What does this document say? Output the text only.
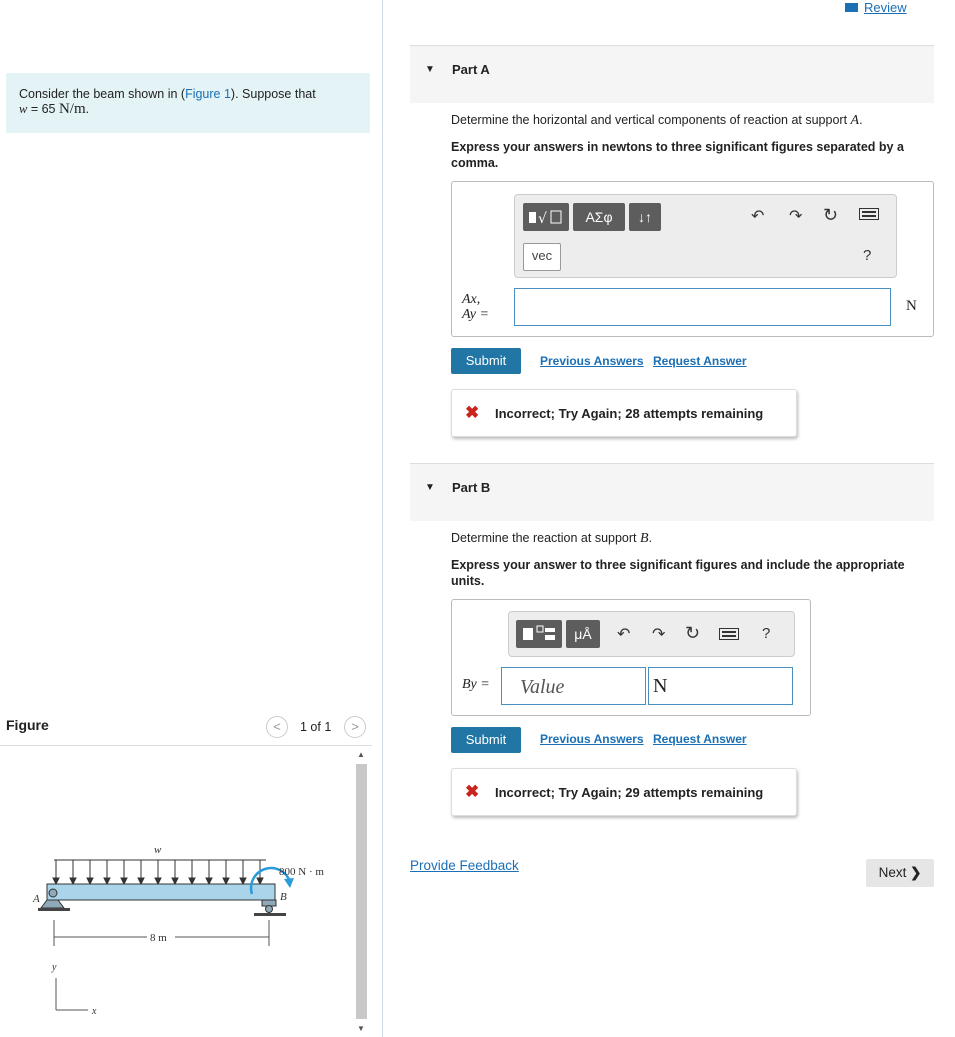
Consider the beam shown in (Figure 1). Suppose that
w = 65 N/m.
Figure	<	1 of 1	>
w
A	B
800 N · m
8 m
y
x
▲
▼
Review
▼ Part A
Determine the horizontal and vertical components of reaction at support A.
Express your answers in newtons to three significant figures separated by a comma.
√	ΑΣφ	↓↑
vec
↶ ↷ ↻
?
Ax,
Ay =
N
Submit	Previous Answers Request Answer
✖ Incorrect; Try Again; 28 attempts remaining
▼ Part B
Determine the reaction at support B.
Express your answer to three significant figures and include the appropriate units.
μÅ	↶ ↷ ↻	?
By =	Value	N
Submit	Previous Answers Request Answer
✖ Incorrect; Try Again; 29 attempts remaining
Provide Feedback	Next ❯
